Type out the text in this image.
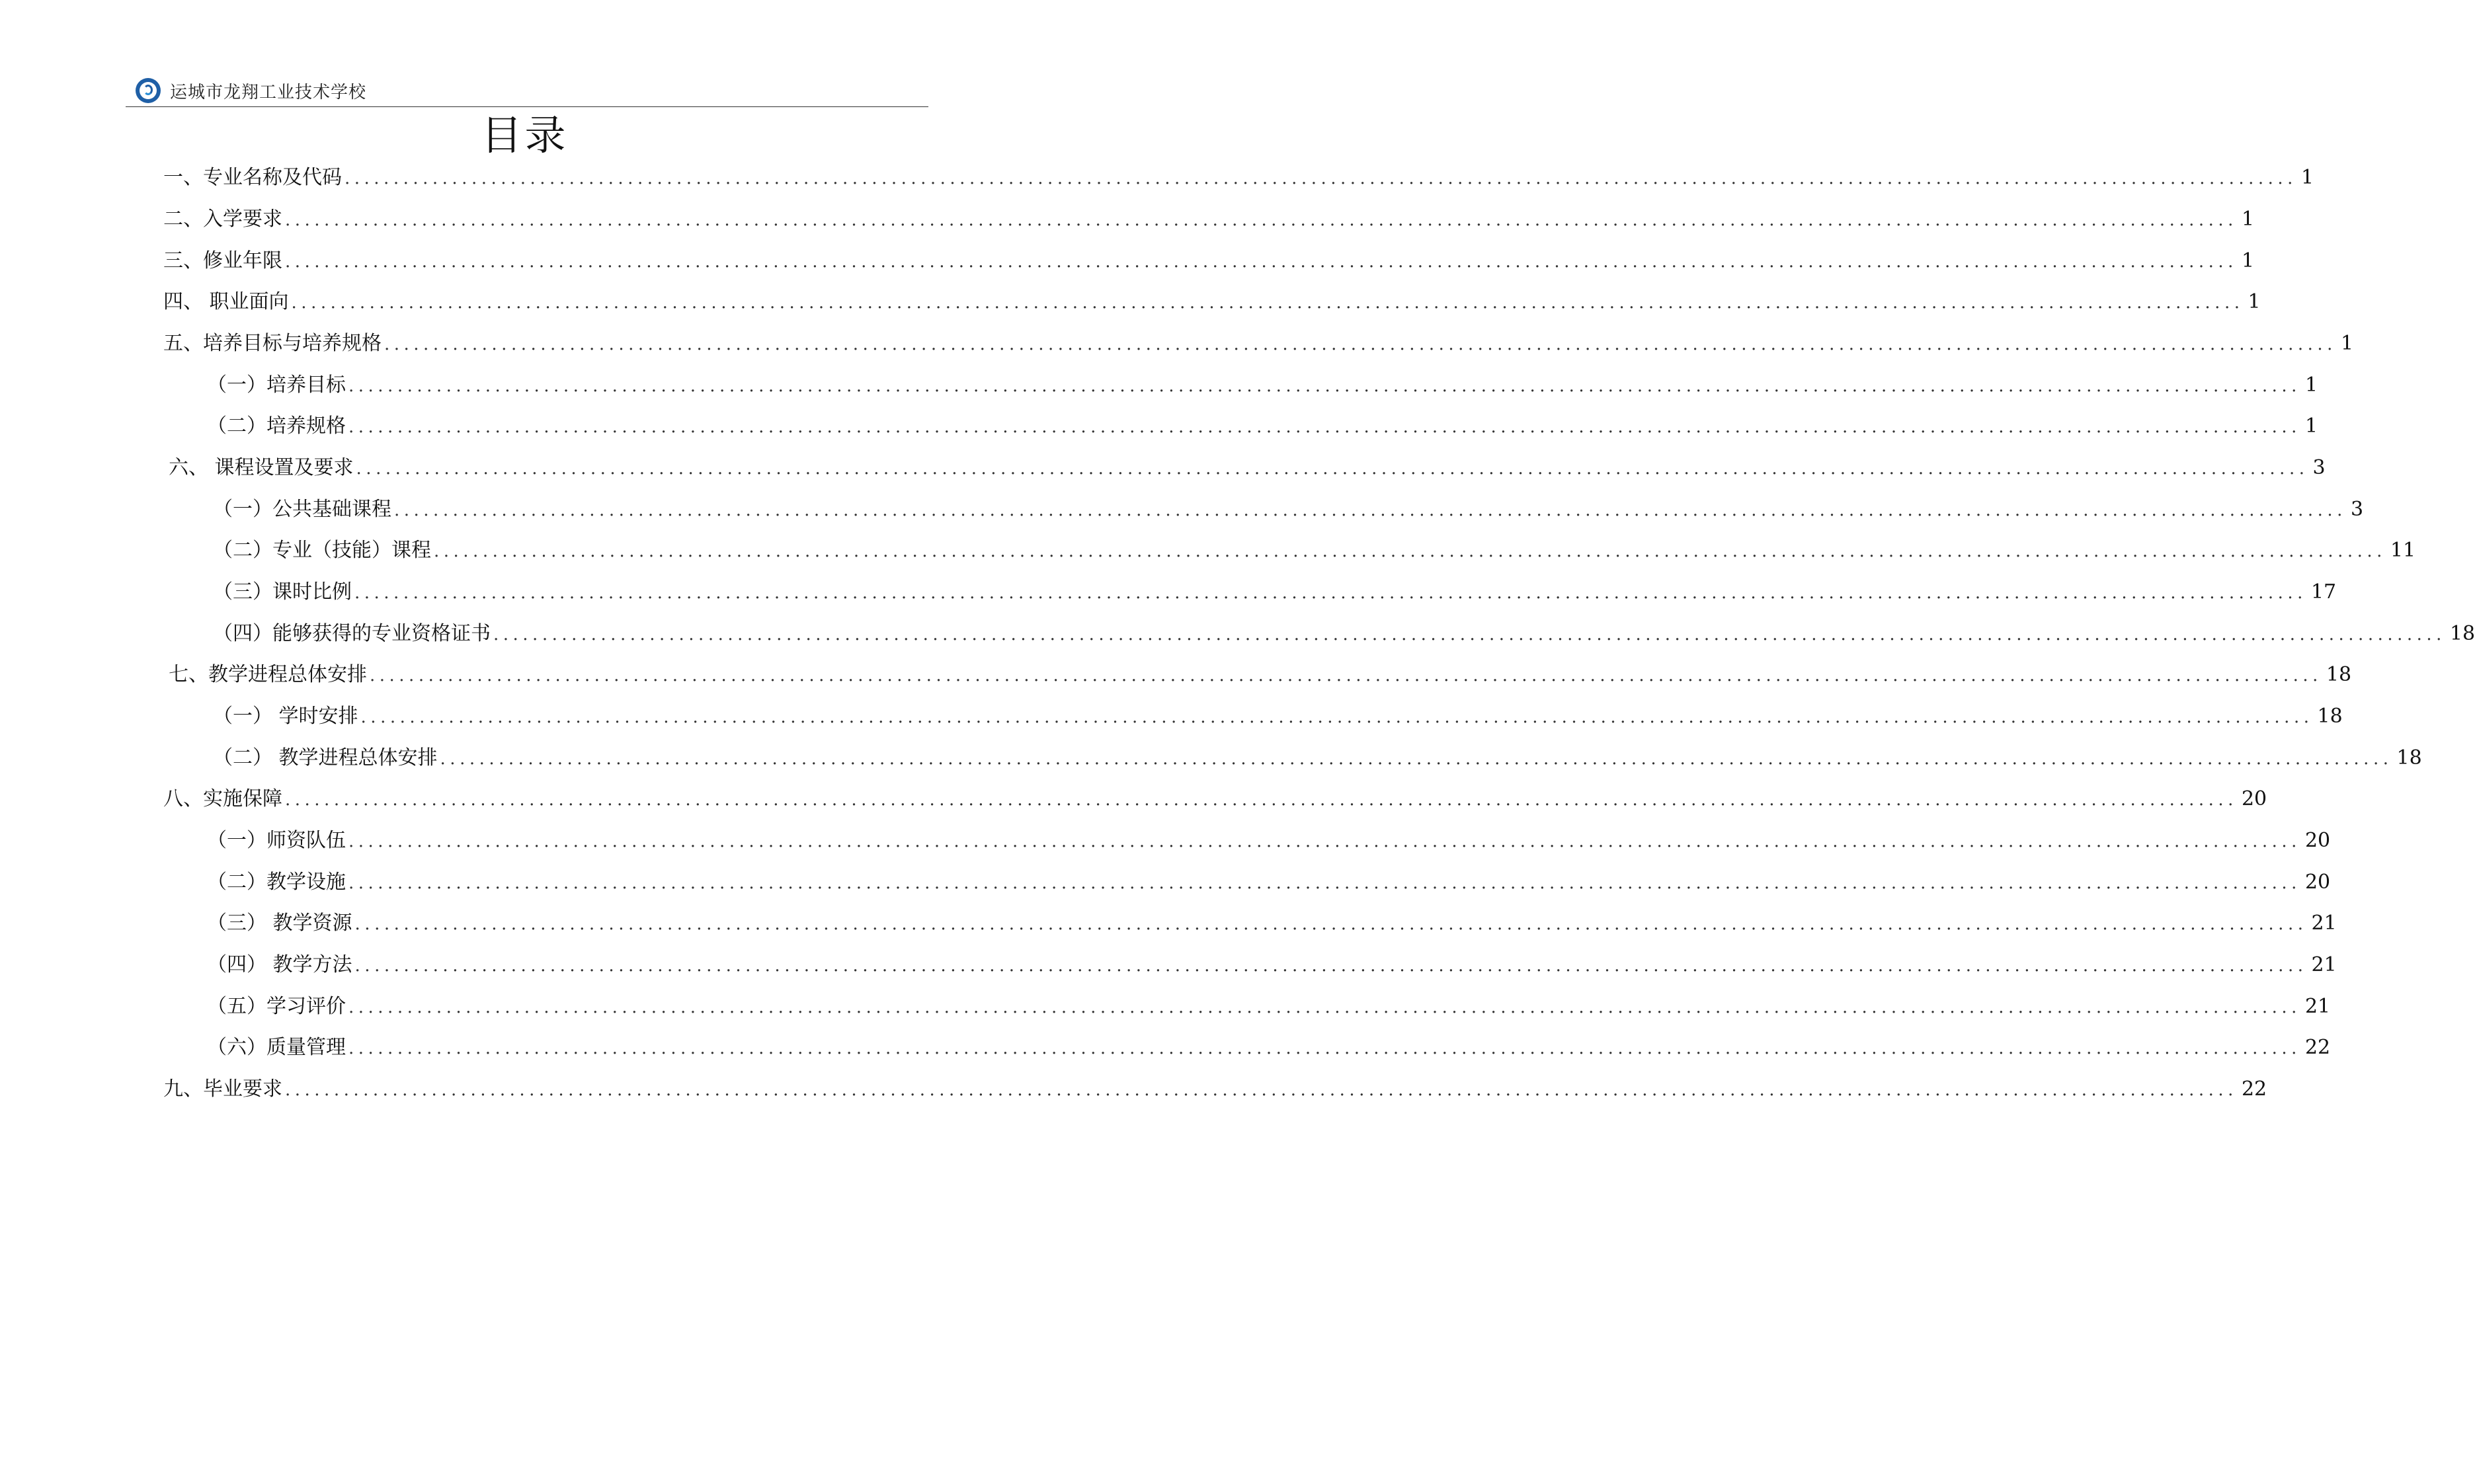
运城市龙翔工业技术学校
目录
一、专业名称及代码 ........................................................................................................................................................................................................ 1
二、入学要求 ........................................................................................................................................................................................................ 1
三、修业年限 ........................................................................................................................................................................................................ 1
四、 职业面向 ........................................................................................................................................................................................................ 1
五、培养目标与培养规格 ........................................................................................................................................................................................................ 1
（一）培养目标 ........................................................................................................................................................................................................ 1
（二）培养规格 ........................................................................................................................................................................................................ 1
六、 课程设置及要求 ........................................................................................................................................................................................................ 3
（一）公共基础课程 ........................................................................................................................................................................................................ 3
（二）专业（技能）课程 ........................................................................................................................................................................................................ 11
（三）课时比例 ........................................................................................................................................................................................................ 17
（四）能够获得的专业资格证书 ........................................................................................................................................................................................................ 18
七、教学进程总体安排 ........................................................................................................................................................................................................ 18
（一） 学时安排 ........................................................................................................................................................................................................ 18
（二） 教学进程总体安排 ........................................................................................................................................................................................................ 18
八、实施保障 ........................................................................................................................................................................................................ 20
（一）师资队伍 ........................................................................................................................................................................................................ 20
（二）教学设施 ........................................................................................................................................................................................................ 20
（三） 教学资源 ........................................................................................................................................................................................................ 21
（四） 教学方法 ........................................................................................................................................................................................................ 21
（五）学习评价 ........................................................................................................................................................................................................ 21
（六）质量管理 ........................................................................................................................................................................................................ 22
九、毕业要求 ........................................................................................................................................................................................................ 22
